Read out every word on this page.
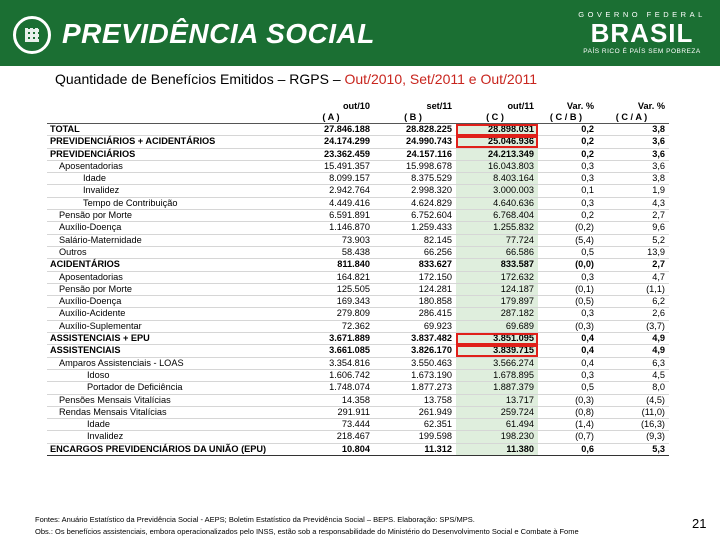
PREVIDÊNCIA SOCIAL
GOVERNO FEDERAL
BRASIL
PAÍS RICO É PAÍS SEM POBREZA
Quantidade de Benefícios Emitidos – RGPS – Out/2010, Set/2011 e Out/2011
	out/10	set/11	out/11	Var. %	Var. %
	( A )	( B )	( C )	( C / B )	( C / A )
TOTAL	27.846.188	28.828.225	28.898.031	0,2	3,8
PREVIDENCIÁRIOS + ACIDENTÁRIOS	24.174.299	24.990.743	25.046.936	0,2	3,6
PREVIDENCIÁRIOS	23.362.459	24.157.116	24.213.349	0,2	3,6
Aposentadorias	15.491.357	15.998.678	16.043.803	0,3	3,6
Idade	8.099.157	8.375.529	8.403.164	0,3	3,8
Invalidez	2.942.764	2.998.320	3.000.003	0,1	1,9
Tempo de Contribuição	4.449.416	4.624.829	4.640.636	0,3	4,3
Pensão por Morte	6.591.891	6.752.604	6.768.404	0,2	2,7
Auxílio-Doença	1.146.870	1.259.433	1.255.832	(0,2)	9,6
Salário-Maternidade	73.903	82.145	77.724	(5,4)	5,2
Outros	58.438	66.256	66.586	0,5	13,9
ACIDENTÁRIOS	811.840	833.627	833.587	(0,0)	2,7
Aposentadorias	164.821	172.150	172.632	0,3	4,7
Pensão por Morte	125.505	124.281	124.187	(0,1)	(1,1)
Auxílio-Doença	169.343	180.858	179.897	(0,5)	6,2
Auxílio-Acidente	279.809	286.415	287.182	0,3	2,6
Auxílio-Suplementar	72.362	69.923	69.689	(0,3)	(3,7)
ASSISTENCIAIS + EPU	3.671.889	3.837.482	3.851.095	0,4	4,9
ASSISTENCIAIS	3.661.085	3.826.170	3.839.715	0,4	4,9
Amparos Assistenciais - LOAS	3.354.816	3.550.463	3.566.274	0,4	6,3
Idoso	1.606.742	1.673.190	1.678.895	0,3	4,5
Portador de Deficiência	1.748.074	1.877.273	1.887.379	0,5	8,0
Pensões Mensais Vitalícias	14.358	13.758	13.717	(0,3)	(4,5)
Rendas Mensais Vitalícias	291.911	261.949	259.724	(0,8)	(11,0)
Idade	73.444	62.351	61.494	(1,4)	(16,3)
Invalidez	218.467	199.598	198.230	(0,7)	(9,3)
ENCARGOS PREVIDENCIÁRIOS DA UNIÃO (EPU)	10.804	11.312	11.380	0,6	5,3
Fontes: Anuário Estatístico da Previdência Social - AEPS; Boletim Estatístico da Previdência Social – BEPS. Elaboração: SPS/MPS.
Obs.: Os benefícios assistenciais, embora operacionalizados pelo INSS, estão sob a responsabilidade do Ministério do Desenvolvimento Social e Combate à Fome
21
